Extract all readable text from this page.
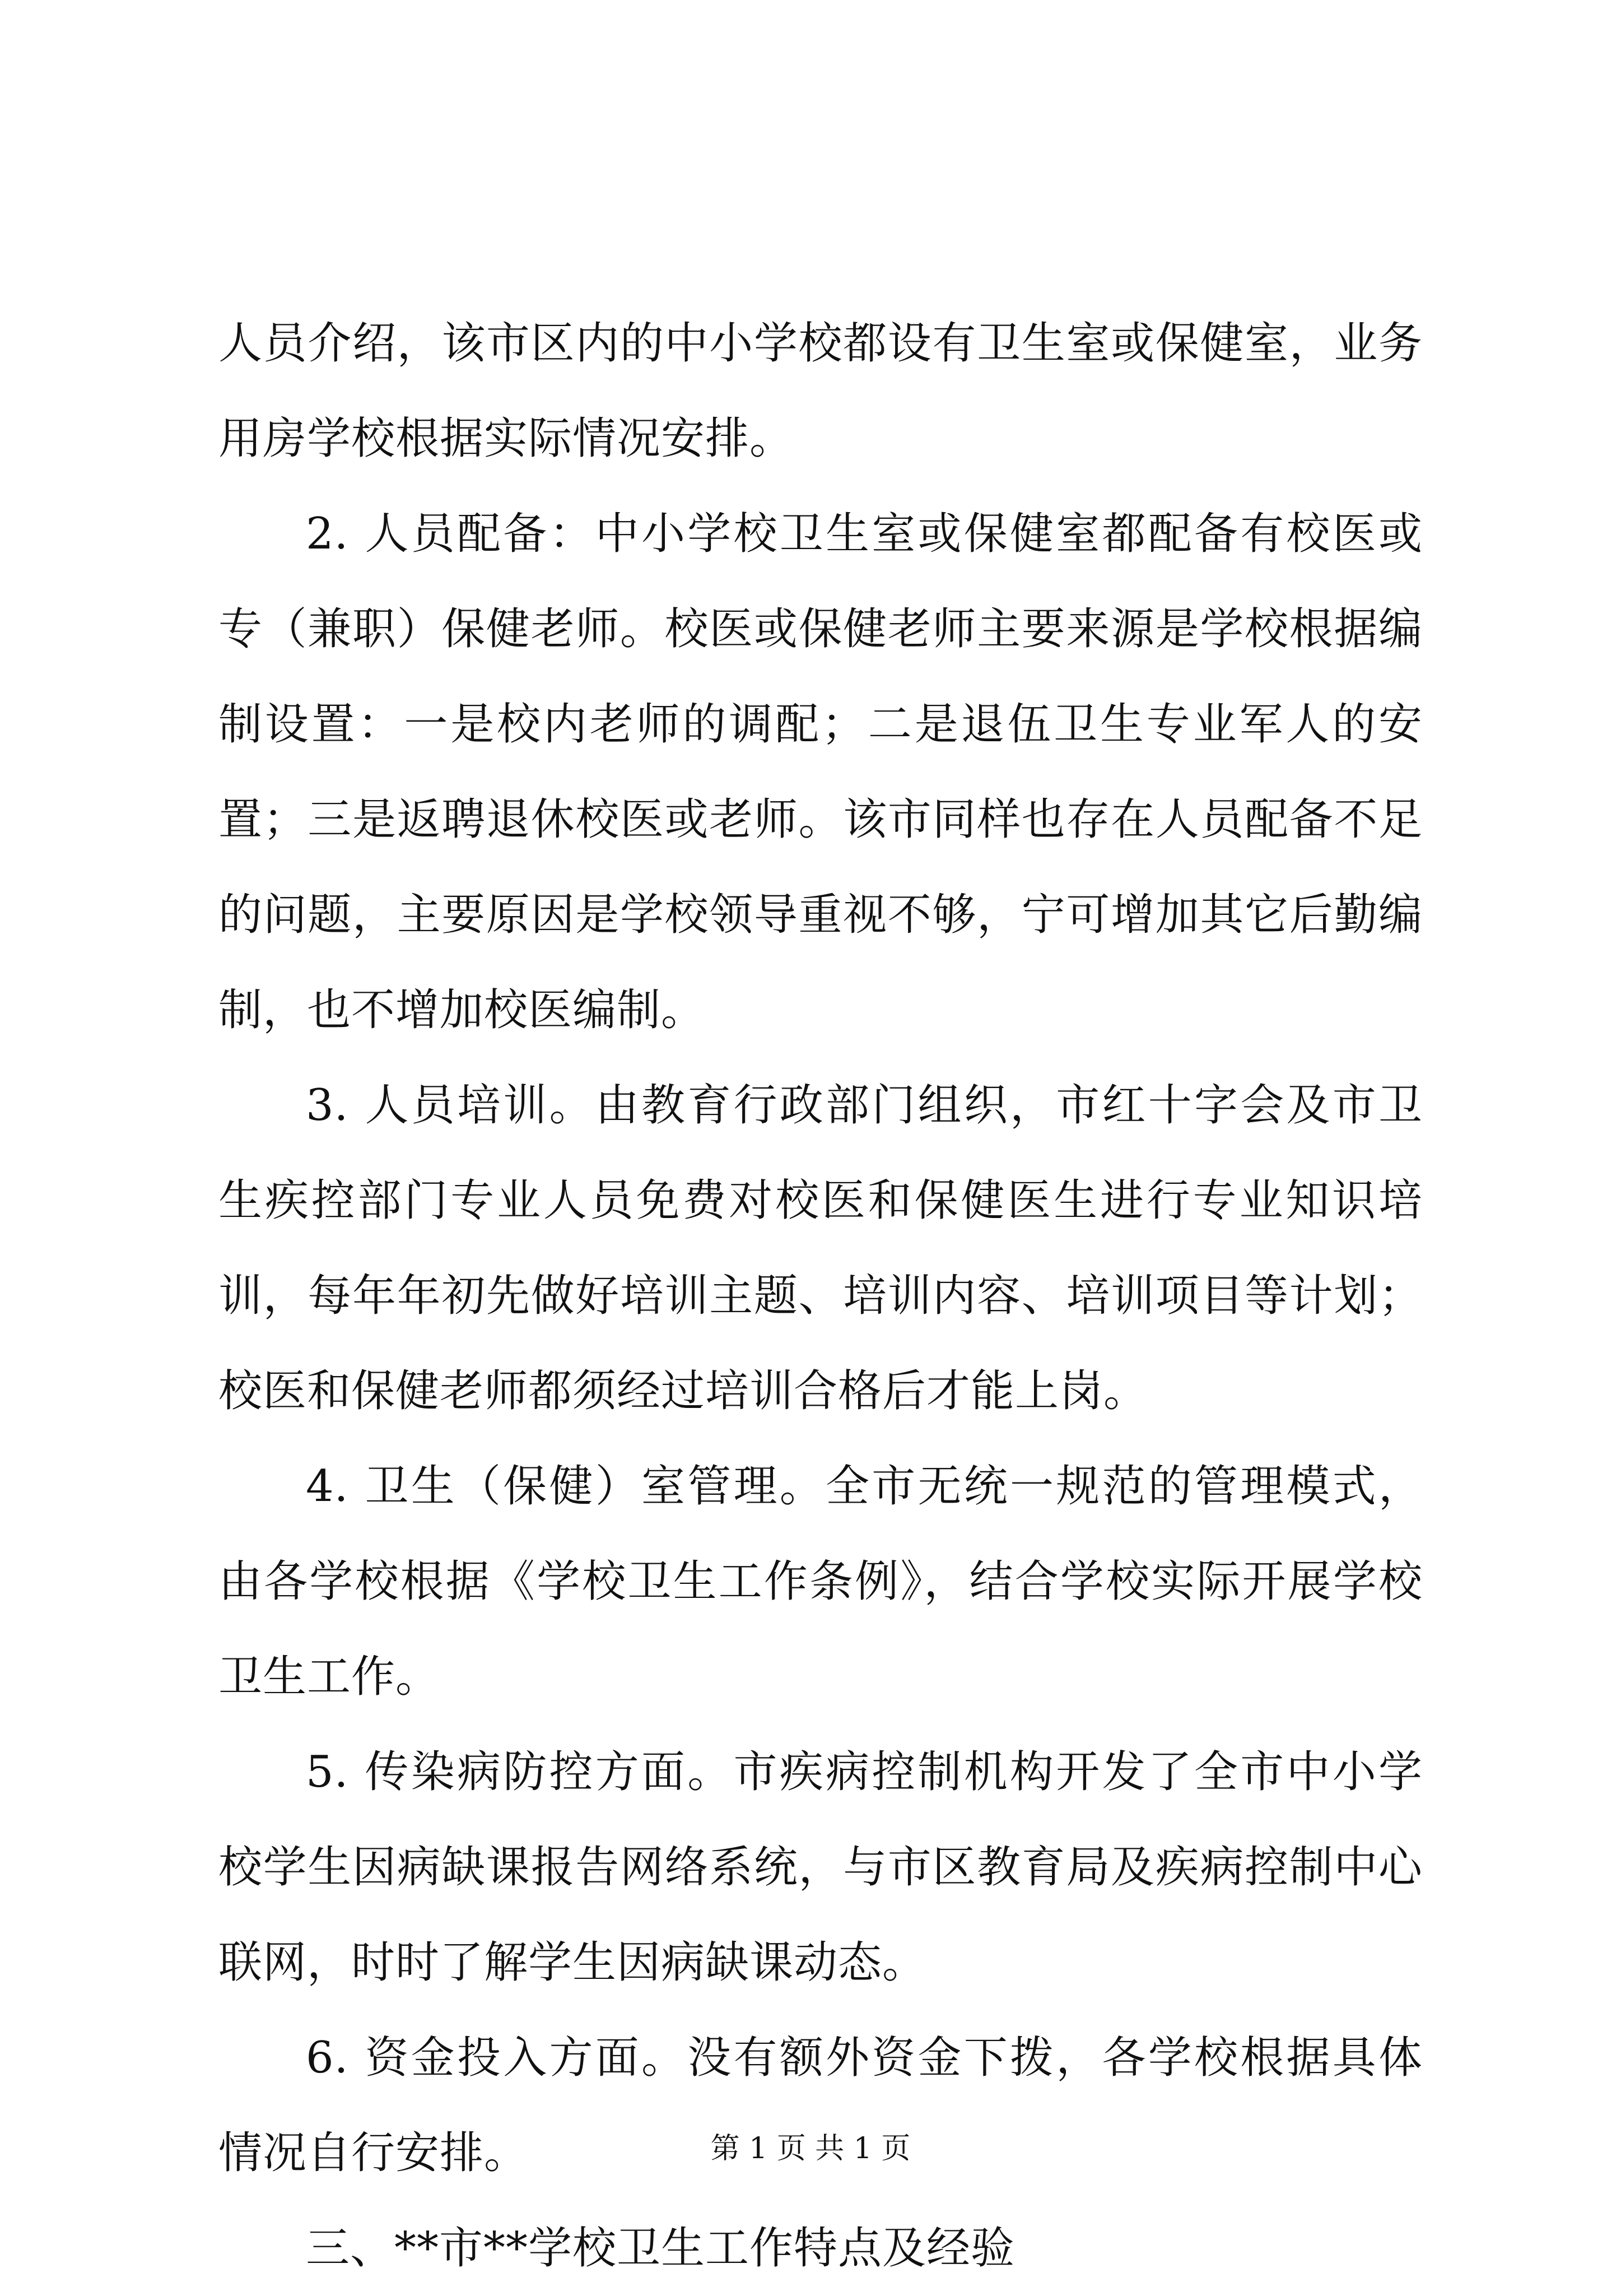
人员介绍，该市区内的中小学校都设有卫生室或保健室，业务用房学校根据实际情况安排。

2. 人员配备：中小学校卫生室或保健室都配备有校医或专（兼职）保健老师。校医或保健老师主要来源是学校根据编制设置：一是校内老师的调配；二是退伍卫生专业军人的安置；三是返聘退休校医或老师。该市同样也存在人员配备不足的问题，主要原因是学校领导重视不够，宁可增加其它后勤编制，也不增加校医编制。

3. 人员培训。由教育行政部门组织，市红十字会及市卫生疾控部门专业人员免费对校医和保健医生进行专业知识培训，每年年初先做好培训主题、培训内容、培训项目等计划；校医和保健老师都须经过培训合格后才能上岗。

4. 卫生（保健）室管理。全市无统一规范的管理模式，由各学校根据《学校卫生工作条例》，结合学校实际开展学校卫生工作。

5. 传染病防控方面。市疾病控制机构开发了全市中小学校学生因病缺课报告网络系统，与市区教育局及疾病控制中心联网，时时了解学生因病缺课动态。

6. 资金投入方面。没有额外资金下拨，各学校根据具体情况自行安排。

三、**市**学校卫生工作特点及经验

第 1 页 共 1 页
